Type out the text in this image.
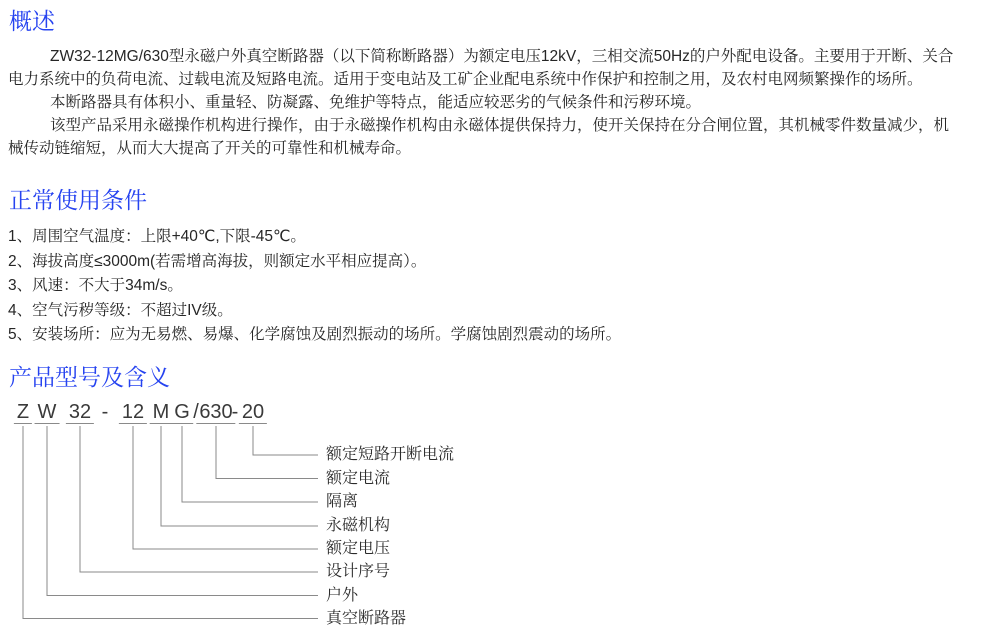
概述

ZW32-12MG/630型永磁户外真空断路器（以下简称断路器）为额定电压12kV，三相交流50Hz的户外配电设备。主要用于开断、关合电力系统中的负荷电流、过载电流及短路电流。适用于变电站及工矿企业配电系统中作保护和控制之用，及农村电网频繁操作的场所。

本断路器具有体积小、重量轻、防凝露、免维护等特点，能适应较恶劣的气候条件和污秽环境。

该型产品采用永磁操作机构进行操作，由于永磁操作机构由永磁体提供保持力，使开关保持在分合闸位置，其机械零件数量减少，机械传动链缩短，从而大大提高了开关的可靠性和机械寿命。

正常使用条件
1、周围空气温度：上限+40℃,下限-45℃。
2、海拔高度≤3000m(若需增高海拔，则额定水平相应提高）。
3、风速：不大于34m/s。
4、空气污秽等级：不超过IV级。
5、安装场所：应为无易燃、易爆、化学腐蚀及剧烈振动的场所。学腐蚀剧烈震动的场所。
产品型号及含义
Z W 32 - 12 M G / 630
- 20
额定短路开断电流
额定电流
隔离
永磁机构
额定电压
设计序号
户外
真空断路器
